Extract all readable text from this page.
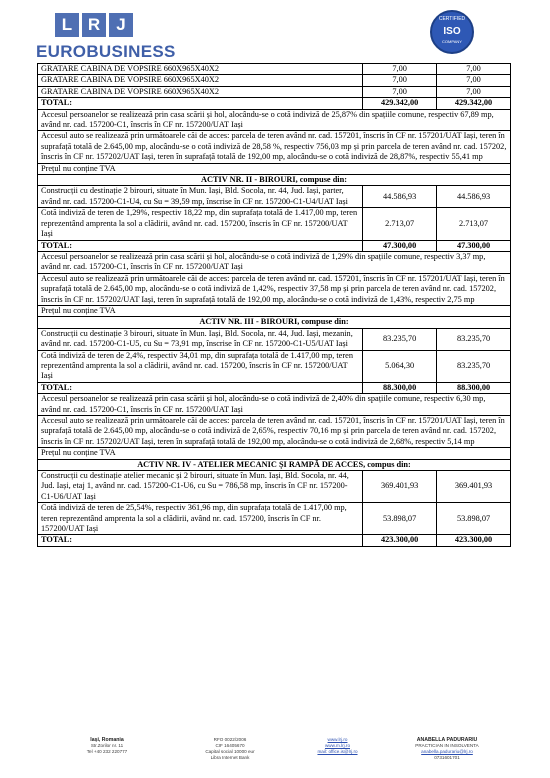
L R J
EUROBUSINESS
CERTIFIED
ISO
COMPANY
GRATARE CABINA DE VOPSIRE 660X965X40X2	7,00	7,00
GRATARE CABINA DE VOPSIRE 660X965X40X2	7,00	7,00
GRATARE CABINA DE VOPSIRE 660X965X40X2	7,00	7,00
TOTAL:	429.342,00	429.342,00
Accesul persoanelor se realizează prin casa scării și hol, alocându-se o cotă indiviză de 25,87% din spațiile comune, respectiv 67,89 mp, având nr. cad. 157200-C1, înscris în CF nr. 157200/UAT Iași		
Accesul auto se realizează prin următoarele căi de acces: parcela de teren având nr. cad. 157201, înscris în CF nr. 157201/UAT Iași, teren în suprafață totală de 2.645,00 mp, alocându-se o cotă indiviză de 28,58 %, respectiv 756,03 mp și prin parcela de teren având nr. cad. 157202, înscris în CF nr. 157202/UAT Iași, teren în suprafață totală de 192,00 mp, alocându-se o cotă indiviză de 28,87%, respectiv 55,41 mp		
Prețul nu conține TVA		
ACTIV NR. II - BIROURI, compuse din:		
Construcții cu destinație 2 birouri, situate în Mun. Iași, Bld. Socola, nr. 44, Jud. Iași, parter, având nr. cad. 157200-C1-U4, cu Su = 39,59 mp, înscrise în CF nr. 157200-C1-U4/UAT Iași	44.586,93	44.586,93
Cotă indiviză de teren de 1,29%, respectiv 18,22 mp, din suprafața totală de 1.417,00 mp, teren reprezentând amprenta la sol a clădirii, având nr. cad. 157200, înscris în CF nr. 157200/UAT Iași	2.713,07	2.713,07
TOTAL:	47.300,00	47.300,00
Accesul persoanelor se realizează prin casa scării și hol, alocându-se o cotă indiviză de 1,29% din spațiile comune, respectiv 3,37 mp, având nr. cad. 157200-C1, înscris în CF nr. 157200/UAT Iași		
Accesul auto se realizează prin următoarele căi de acces: parcela de teren având nr. cad. 157201, înscris în CF nr. 157201/UAT Iași, teren în suprafață totală de 2.645,00 mp, alocându-se o cotă indiviză de 1,42%, respectiv 37,58 mp și prin parcela de teren având nr. cad. 157202, înscris în CF nr. 157202/UAT Iași, teren în suprafață totală de 192,00 mp, alocându-se o cotă indiviză de 1,43%, respectiv 2,75 mp		
Prețul nu conține TVA		
ACTIV NR. III - BIROURI, compuse din:		
Construcții cu destinație 3 birouri, situate în Mun. Iași, Bld. Socola, nr. 44, Jud. Iași, mezanin, având nr. cad. 157200-C1-U5, cu Su = 73,91 mp, înscrise în CF nr. 157200-C1-U5/UAT Iași	83.235,70	83.235,70
Cotă indiviză de teren de 2,4%, respectiv 34,01 mp, din suprafața totală de 1.417,00 mp, teren reprezentând amprenta la sol a clădirii, având nr. cad. 157200, înscris în CF nr. 157200/UAT Iași	5.064,30	83.235,70
TOTAL:	88.300,00	88.300,00
Accesul persoanelor se realizează prin casa scării și hol, alocându-se o cotă indiviză de 2,40% din spațiile comune, respectiv 6,30 mp, având nr. cad. 157200-C1, înscris în CF nr. 157200/UAT Iași		
Accesul auto se realizează prin următoarele căi de acces: parcela de teren având nr. cad. 157201, înscris în CF nr. 157201/UAT Iași, teren în suprafață totală de 2.645,00 mp, alocându-se o cotă indiviză de 2,65%, respectiv 70,16 mp și prin parcela de teren având nr. cad. 157202, înscris în CF nr. 157202/UAT Iași, teren în suprafață totală de 192,00 mp, alocându-se o cotă indiviză de 2,68%, respectiv 5,14 mp		
Prețul nu conține TVA		
ACTIV NR. IV - ATELIER MECANIC ȘI RAMPĂ DE ACCES, compus din:		
Construcții cu destinație atelier mecanic și 2 birouri, situate în Mun. Iași, Bld. Socola, nr. 44, Jud. Iași, etaj 1, având nr. cad. 157200-C1-U6, cu Su = 786,58 mp, înscris în CF nr. 157200-C1-U6/UAT Iași	369.401,93	369.401,93
Cotă indiviză de teren de 25,54%, respectiv 361,96 mp, din suprafața totală de 1.417,00 mp, teren reprezentând amprenta la sol a clădirii, având nr. cad. 157200, înscris în CF nr. 157200/UAT Iași	53.898,07	53.898,07
TOTAL:	423.300,00	423.300,00
Iași, Romania
Str.Zorilor nr. 11
Tel +40 232 220777
RFO 0022/2006
CIF 16405670
Capital social 10000 eur
Libra Internet Bank
www.lrj.ro
www.m.lrj.ro
mail: office.is@lrj.ro
ANABELLA PADURARIU
PRACTICIAN IN INSOLVENTA
anabella.padurariu@lrj.ro
0731601701
